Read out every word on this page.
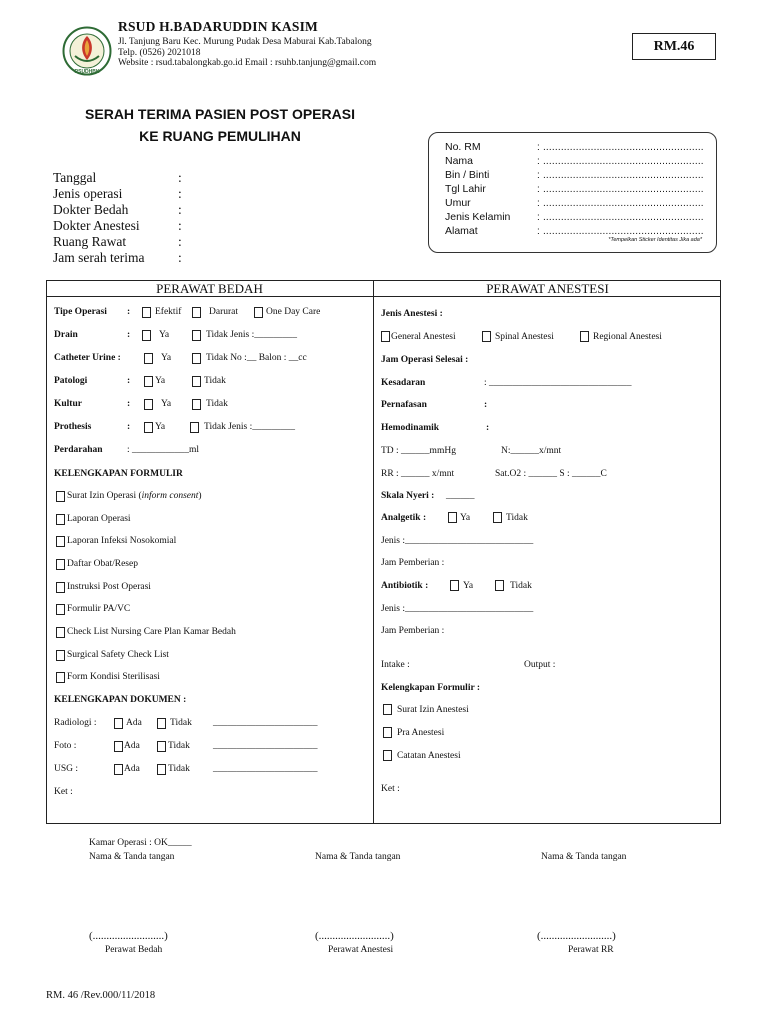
RSUDHBK
RSUD H.BADARUDDIN KASIM
Jl. Tanjung Baru Kec. Murung Pudak Desa Maburai Kab.Tabalong
Telp. (0526) 2021018
Website : rsud.tabalongkab.go.id Email : rsuhb.tanjung@gmail.com
RM.46
SERAH TERIMA PASIEN POST OPERASI
KE RUANG PEMULIHAN
No. RM	: ......................................................
Nama	: ......................................................
Bin / Binti	: ......................................................
Tgl Lahir	: ......................................................
Umur	: ......................................................
Jenis Kelamin	: ......................................................
Alamat	: ......................................................
*Tempelkan Sticker Identitas Jika ada*
Tanggal	:
Jenis operasi	:
Dokter Bedah	:
Dokter Anestesi	:
Ruang Rawat	:
Jam serah terima :
PERAWAT BEDAH	PERAWAT ANESTESI
Tipe Operasi :	Efektif	Darurat	One Day Care
Drain	:	Ya	Tidak Jenis :_________
Catheter Urine :	Ya	Tidak No :__ Balon : __cc
Patologi	:	Ya	Tidak
Kultur	:	Ya	Tidak
Prothesis	:	Ya	Tidak Jenis :_________
Perdarahan	: ____________ml
KELENGKAPAN FORMULIR
Surat Izin Operasi (inform consent)
Laporan Operasi
Laporan Infeksi Nosokomial
Daftar Obat/Resep
Instruksi Post Operasi
Formulir PA/VC
Check List Nursing Care Plan Kamar Bedah
Surgical Safety Check List
Form Kondisi Sterilisasi
KELENGKAPAN DOKUMEN :
Radiologi :	Ada	Tidak ______________________
Foto :	Ada	Tidak ______________________
USG :	Ada	Tidak ______________________
Ket :
Jenis Anestesi :
General Anestesi	Spinal Anestesi	Regional Anestesi
Jam Operasi Selesai :
Kesadaran	: ______________________________
Pernafasan	:
Hemodinamik	:
TD : ______mmHg	N:______x/mnt
RR : ______ x/mnt	Sat.O2 : ______ S : ______C
Skala Nyeri : ______
Analgetik :	Ya	Tidak
Jenis :___________________________
Jam Pemberian :
Antibiotik :	Ya	Tidak
Jenis :___________________________
Jam Pemberian :
Intake :	Output :
Kelengkapan Formulir :
Surat Izin Anestesi
Pra Anestesi
Catatan Anestesi
Ket :
Kamar Operasi : OK_____
Nama & Tanda tangan	Nama & Tanda tangan	Nama & Tanda tangan
(..........................)	(..........................)	(..........................)
Perawat Bedah	Perawat Anestesi	Perawat RR
RM. 46 /Rev.000/11/2018
